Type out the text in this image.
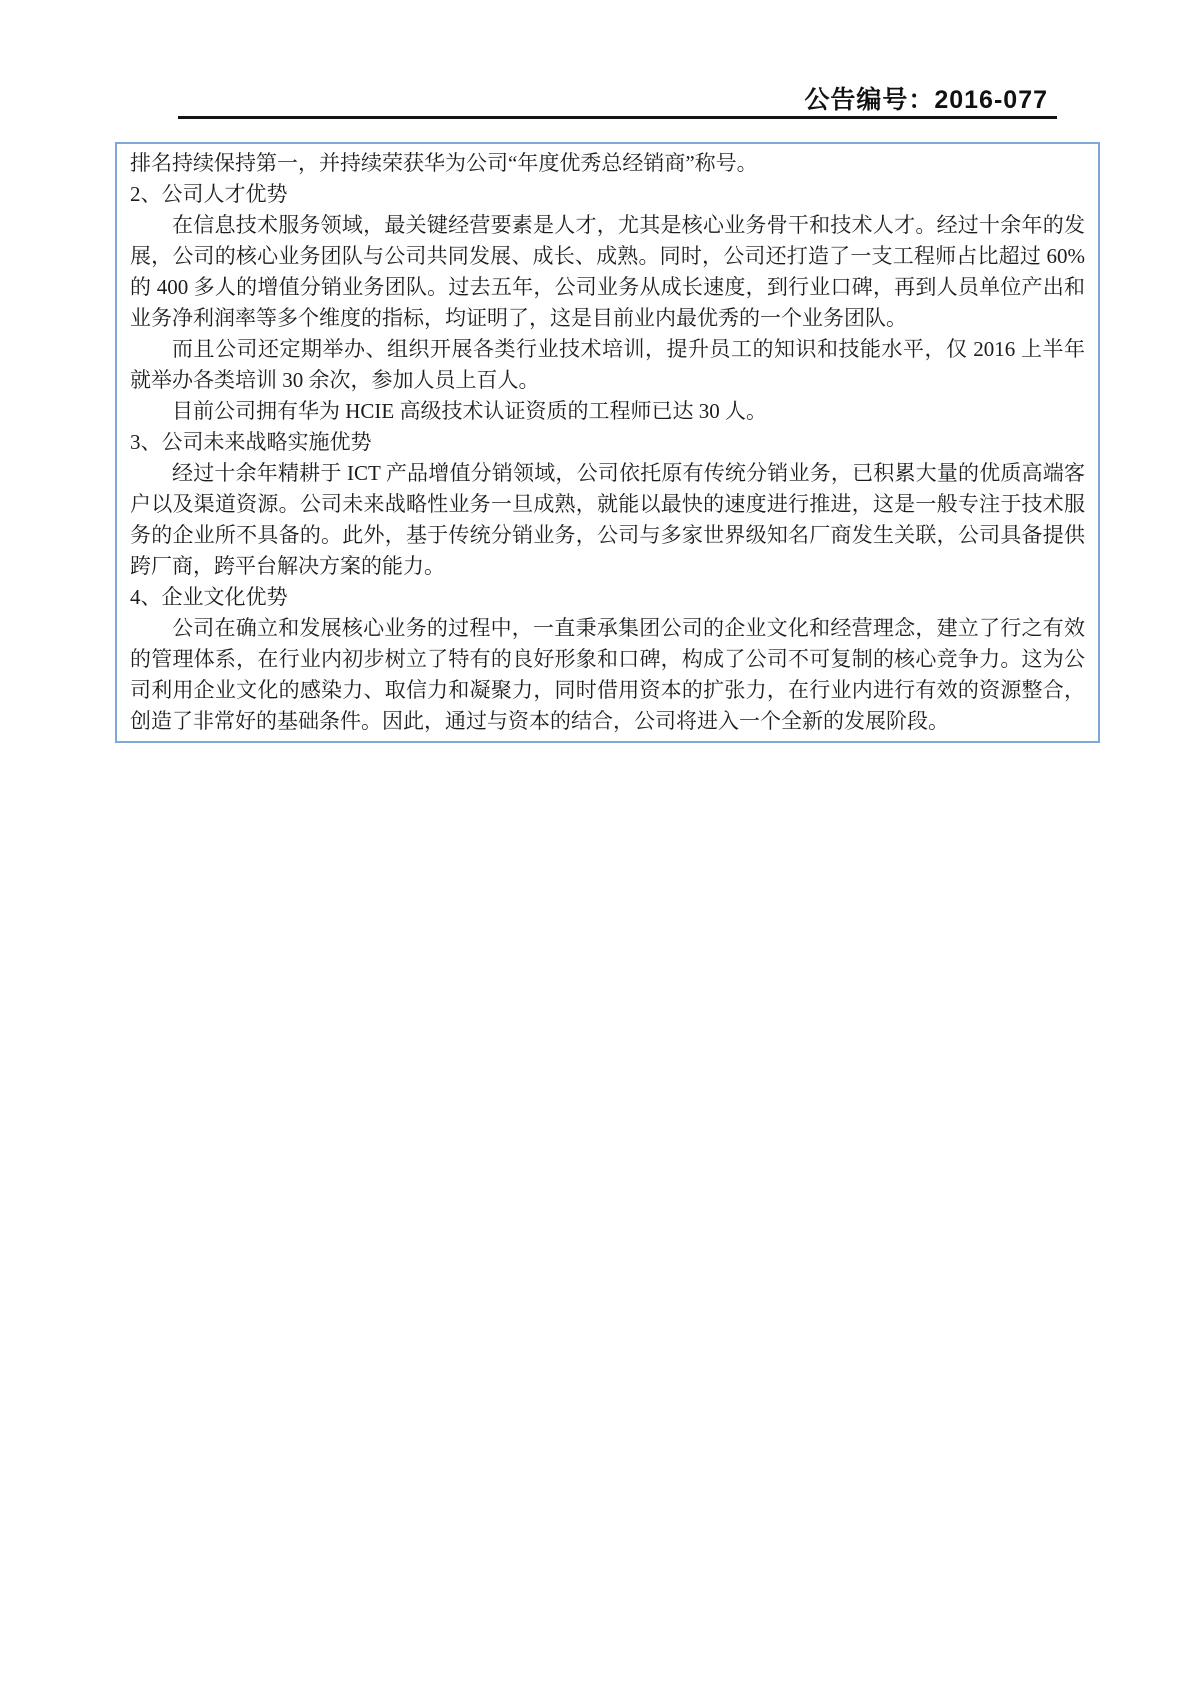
公告编号：2016-077

排名持续保持第一，并持续荣获华为公司“年度优秀总经销商”称号。

2、公司人才优势

在信息技术服务领域，最关键经营要素是人才，尤其是核心业务骨干和技术人才。经过十余年的发展，公司的核心业务团队与公司共同发展、成长、成熟。同时，公司还打造了一支工程师占比超过 60%的 400 多人的增值分销业务团队。过去五年，公司业务从成长速度，到行业口碑，再到人员单位产出和业务净利润率等多个维度的指标，均证明了，这是目前业内最优秀的一个业务团队。

而且公司还定期举办、组织开展各类行业技术培训，提升员工的知识和技能水平，仅 2016 上半年就举办各类培训 30 余次，参加人员上百人。

目前公司拥有华为 HCIE 高级技术认证资质的工程师已达 30 人。

3、公司未来战略实施优势

经过十余年精耕于 ICT 产品增值分销领域，公司依托原有传统分销业务，已积累大量的优质高端客户以及渠道资源。公司未来战略性业务一旦成熟，就能以最快的速度进行推进，这是一般专注于技术服务的企业所不具备的。此外，基于传统分销业务，公司与多家世界级知名厂商发生关联，公司具备提供跨厂商，跨平台解决方案的能力。

4、企业文化优势

公司在确立和发展核心业务的过程中，一直秉承集团公司的企业文化和经营理念，建立了行之有效的管理体系，在行业内初步树立了特有的良好形象和口碑，构成了公司不可复制的核心竞争力。这为公司利用企业文化的感染力、取信力和凝聚力，同时借用资本的扩张力，在行业内进行有效的资源整合，创造了非常好的基础条件。因此，通过与资本的结合，公司将进入一个全新的发展阶段。
